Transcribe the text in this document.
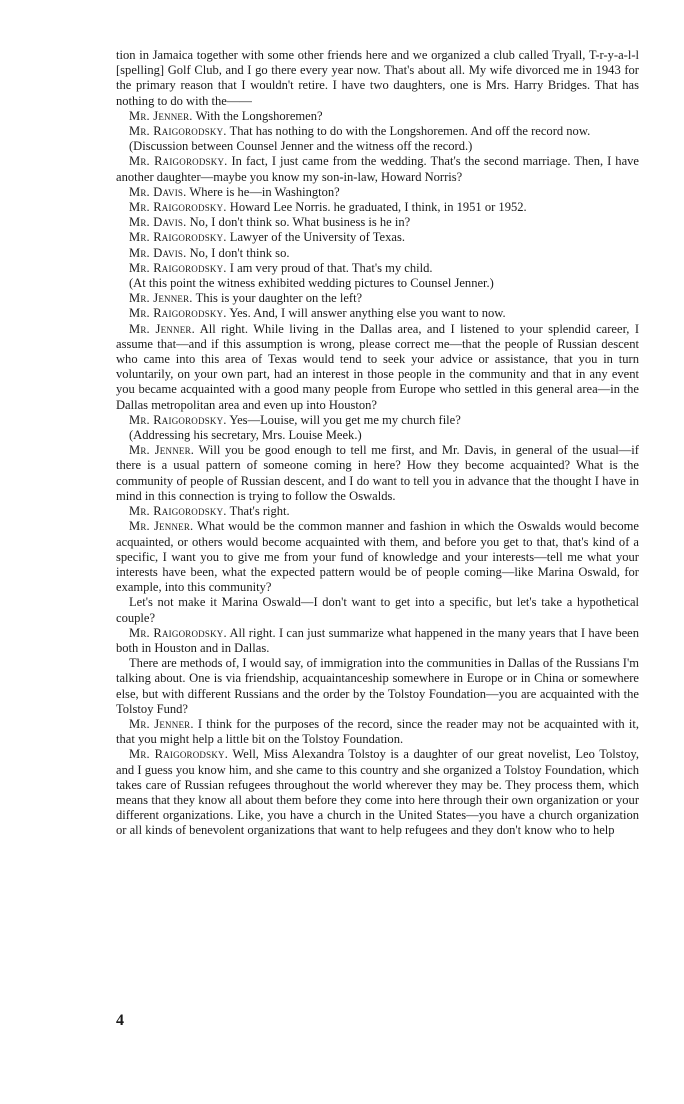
tion in Jamaica together with some other friends here and we organized a club called Tryall, T-r-y-a-l-l [spelling] Golf Club, and I go there every year now. That's about all. My wife divorced me in 1943 for the primary reason that I wouldn't retire. I have two daughters, one is Mrs. Harry Bridges. That has nothing to do with the——

Mr. Jenner. With the Longshoremen?

Mr. Raigorodsky. That has nothing to do with the Longshoremen. And off the record now.

(Discussion between Counsel Jenner and the witness off the record.)

Mr. Raigorodsky. In fact, I just came from the wedding. That's the second marriage. Then, I have another daughter—maybe you know my son-in-law, Howard Norris?

Mr. Davis. Where is he—in Washington?

Mr. Raigorodsky. Howard Lee Norris. he graduated, I think, in 1951 or 1952.

Mr. Davis. No, I don't think so. What business is he in?

Mr. Raigorodsky. Lawyer of the University of Texas.

Mr. Davis. No, I don't think so.

Mr. Raigorodsky. I am very proud of that. That's my child.

(At this point the witness exhibited wedding pictures to Counsel Jenner.)

Mr. Jenner. This is your daughter on the left?

Mr. Raigorodsky. Yes. And, I will answer anything else you want to now.

Mr. Jenner. All right. While living in the Dallas area, and I listened to your splendid career, I assume that—and if this assumption is wrong, please correct me—that the people of Russian descent who came into this area of Texas would tend to seek your advice or assistance, that you in turn voluntarily, on your own part, had an interest in those people in the community and that in any event you became acquainted with a good many people from Europe who settled in this general area—in the Dallas metropolitan area and even up into Houston?

Mr. Raigorodsky. Yes—Louise, will you get me my church file?

(Addressing his secretary, Mrs. Louise Meek.)

Mr. Jenner. Will you be good enough to tell me first, and Mr. Davis, in general of the usual—if there is a usual pattern of someone coming in here? How they become acquainted? What is the community of people of Russian descent, and I do want to tell you in advance that the thought I have in mind in this connection is trying to follow the Oswalds.

Mr. Raigorodsky. That's right.

Mr. Jenner. What would be the common manner and fashion in which the Oswalds would become acquainted, or others would become acquainted with them, and before you get to that, that's kind of a specific, I want you to give me from your fund of knowledge and your interests—tell me what your interests have been, what the expected pattern would be of people coming—like Marina Oswald, for example, into this community?

Let's not make it Marina Oswald—I don't want to get into a specific, but let's take a hypothetical couple?

Mr. Raigorodsky. All right. I can just summarize what happened in the many years that I have been both in Houston and in Dallas.

There are methods of, I would say, of immigration into the communities in Dallas of the Russians I'm talking about. One is via friendship, acquaintanceship somewhere in Europe or in China or somewhere else, but with different Russians and the order by the Tolstoy Foundation—you are acquainted with the Tolstoy Fund?

Mr. Jenner. I think for the purposes of the record, since the reader may not be acquainted with it, that you might help a little bit on the Tolstoy Foundation.

Mr. Raigorodsky. Well, Miss Alexandra Tolstoy is a daughter of our great novelist, Leo Tolstoy, and I guess you know him, and she came to this country and she organized a Tolstoy Foundation, which takes care of Russian refugees throughout the world wherever they may be. They process them, which means that they know all about them before they come into here through their own organization or your different organizations. Like, you have a church in the United States—you have a church organization or all kinds of benevolent organizations that want to help refugees and they don't know who to help

4
